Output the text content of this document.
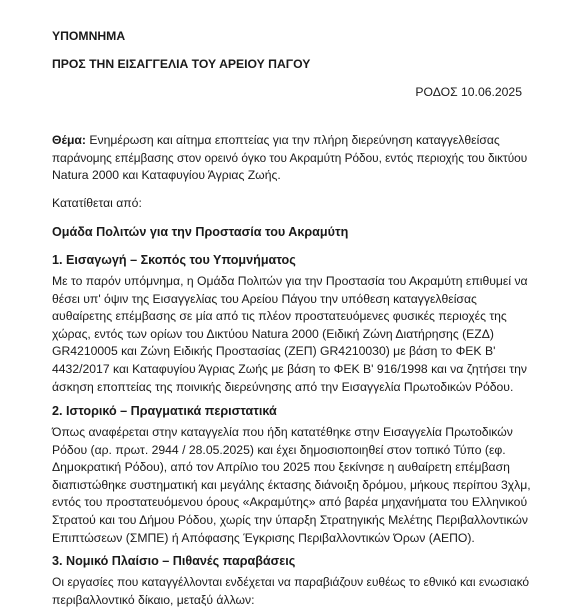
ΥΠΟΜΝΗΜΑ
ΠΡΟΣ ΤΗΝ ΕΙΣΑΓΓΕΛΙΑ ΤΟΥ ΑΡΕΙΟΥ ΠΑΓΟΥ
ΡΟΔΟΣ 10.06.2025
Θέμα: Ενημέρωση και αίτημα εποπτείας για την πλήρη διερεύνηση καταγγελθείσας
παράνομης επέμβασης στον ορεινό όγκο του Ακραμύτη Ρόδου, εντός περιοχής του δικτύου
Natura 2000 και Καταφυγίου Άγριας Ζωής.
Κατατίθεται από:
Ομάδα Πολιτών για την Προστασία του Ακραμύτη
1. Εισαγωγή – Σκοπός του Υπομνήματος
Με το παρόν υπόμνημα, η Ομάδα Πολιτών για την Προστασία του Ακραμύτη επιθυμεί να
θέσει υπ' όψιν της Εισαγγελίας του Αρείου Πάγου την υπόθεση καταγγελθείσας
αυθαίρετης επέμβασης σε μία από τις πλέον προστατευόμενες φυσικές περιοχές της
χώρας, εντός των ορίων του Δικτύου Natura 2000 (Ειδική Ζώνη Διατήρησης (ΕΖΔ)
GR4210005 και Ζώνη Ειδικής Προστασίας (ΖΕΠ) GR4210030) με βάση το ΦΕΚ Β'
4432/2017 και Καταφυγίου Άγριας Ζωής με βάση το ΦΕΚ Β' 916/1998 και να ζητήσει την
άσκηση εποπτείας της ποινικής διερεύνησης από την Εισαγγελία Πρωτοδικών Ρόδου.
2. Ιστορικό – Πραγματικά περιστατικά
Όπως αναφέρεται στην καταγγελία που ήδη κατατέθηκε στην Εισαγγελία Πρωτοδικών
Ρόδου (αρ. πρωτ. 2944 / 28.05.2025) και έχει δημοσιοποιηθεί στον τοπικό Τύπο (εφ.
Δημοκρατική Ρόδου), από τον Απρίλιο του 2025 που ξεκίνησε η αυθαίρετη επέμβαση
διαπιστώθηκε συστηματική και μεγάλης έκτασης διάνοιξη δρόμου, μήκους περίπου 3χλμ,
εντός του προστατευόμενου όρους «Ακραμύτης» από βαρέα μηχανήματα του Ελληνικού
Στρατού και του Δήμου Ρόδου, χωρίς την ύπαρξη Στρατηγικής Μελέτης Περιβαλλοντικών
Επιπτώσεων (ΣΜΠΕ) ή Απόφασης Έγκρισης Περιβαλλοντικών Όρων (ΑΕΠΟ).
3. Νομικό Πλαίσιο – Πιθανές παραβάσεις
Οι εργασίες που καταγγέλλονται ενδέχεται να παραβιάζουν ευθέως το εθνικό και ενωσιακό
περιβαλλοντικό δίκαιο, μεταξύ άλλων:
